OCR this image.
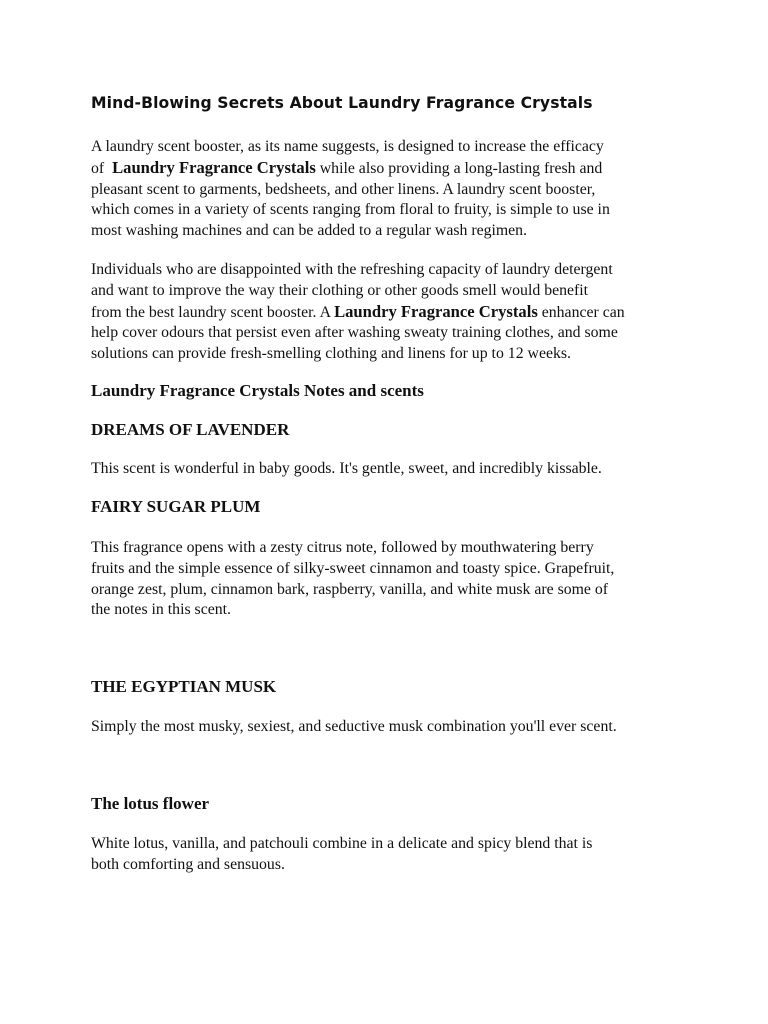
Mind-Blowing Secrets About Laundry Fragrance Crystals

A laundry scent booster, as its name suggests, is designed to increase the efficacy
of Laundry Fragrance Crystals while also providing a long-lasting fresh and
pleasant scent to garments, bedsheets, and other linens. A laundry scent booster,
which comes in a variety of scents ranging from floral to fruity, is simple to use in
most washing machines and can be added to a regular wash regimen.

Individuals who are disappointed with the refreshing capacity of laundry detergent
and want to improve the way their clothing or other goods smell would benefit
from the best laundry scent booster. A Laundry Fragrance Crystals enhancer can
help cover odours that persist even after washing sweaty training clothes, and some
solutions can provide fresh-smelling clothing and linens for up to 12 weeks.

Laundry Fragrance Crystals Notes and scents
DREAMS OF LAVENDER

This scent is wonderful in baby goods. It's gentle, sweet, and incredibly kissable.

FAIRY SUGAR PLUM

This fragrance opens with a zesty citrus note, followed by mouthwatering berry
fruits and the simple essence of silky-sweet cinnamon and toasty spice. Grapefruit,
orange zest, plum, cinnamon bark, raspberry, vanilla, and white musk are some of
the notes in this scent.

THE EGYPTIAN MUSK

Simply the most musky, sexiest, and seductive musk combination you'll ever scent.

The lotus flower

White lotus, vanilla, and patchouli combine in a delicate and spicy blend that is
both comforting and sensuous.
